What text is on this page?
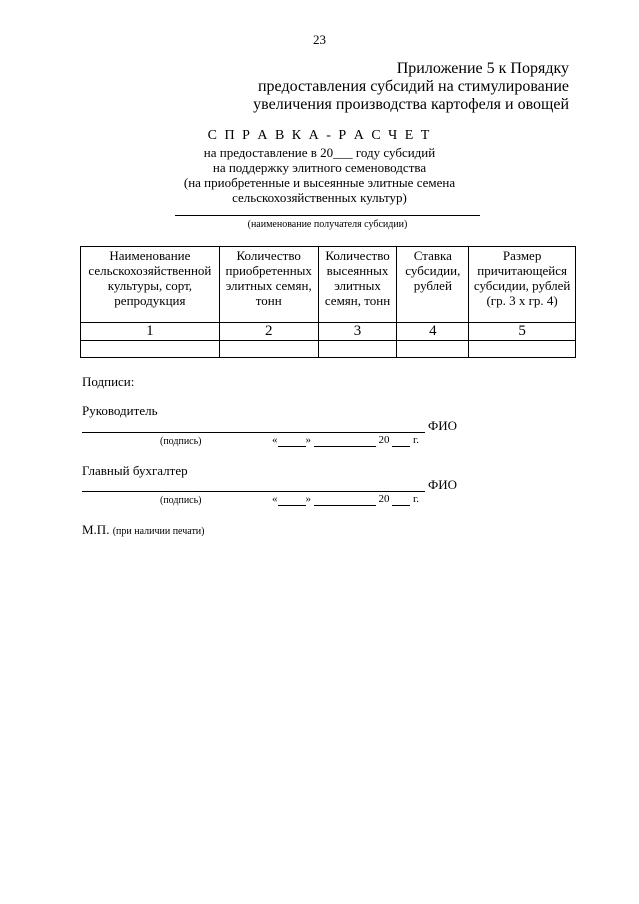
23
Приложение 5 к Порядку
предоставления субсидий на стимулирование
увеличения производства картофеля и овощей
С П Р А В К А - Р А С Ч Е Т
на предоставление в 20___ году субсидий
на поддержку элитного семеноводства
(на приобретенные и высеянные элитные семена
сельскохозяйственных культур)
(наименование получателя субсидии)
Наименование сельскохозяйственной культуры, сорт, репродукция	Количество приобретенных элитных семян, тонн	Количество высеянных элитных семян, тонн	Ставка субсидии, рублей	Размер причитающейся субсидии, рублей (гр. 3 х гр. 4)
1	2	3	4	5

Подписи:
Руководитель
ФИО
(подпись)	«	»	20 г.
Главный бухгалтер
ФИО
(подпись)	«	»	20 г.
М.П. (при наличии печати)
